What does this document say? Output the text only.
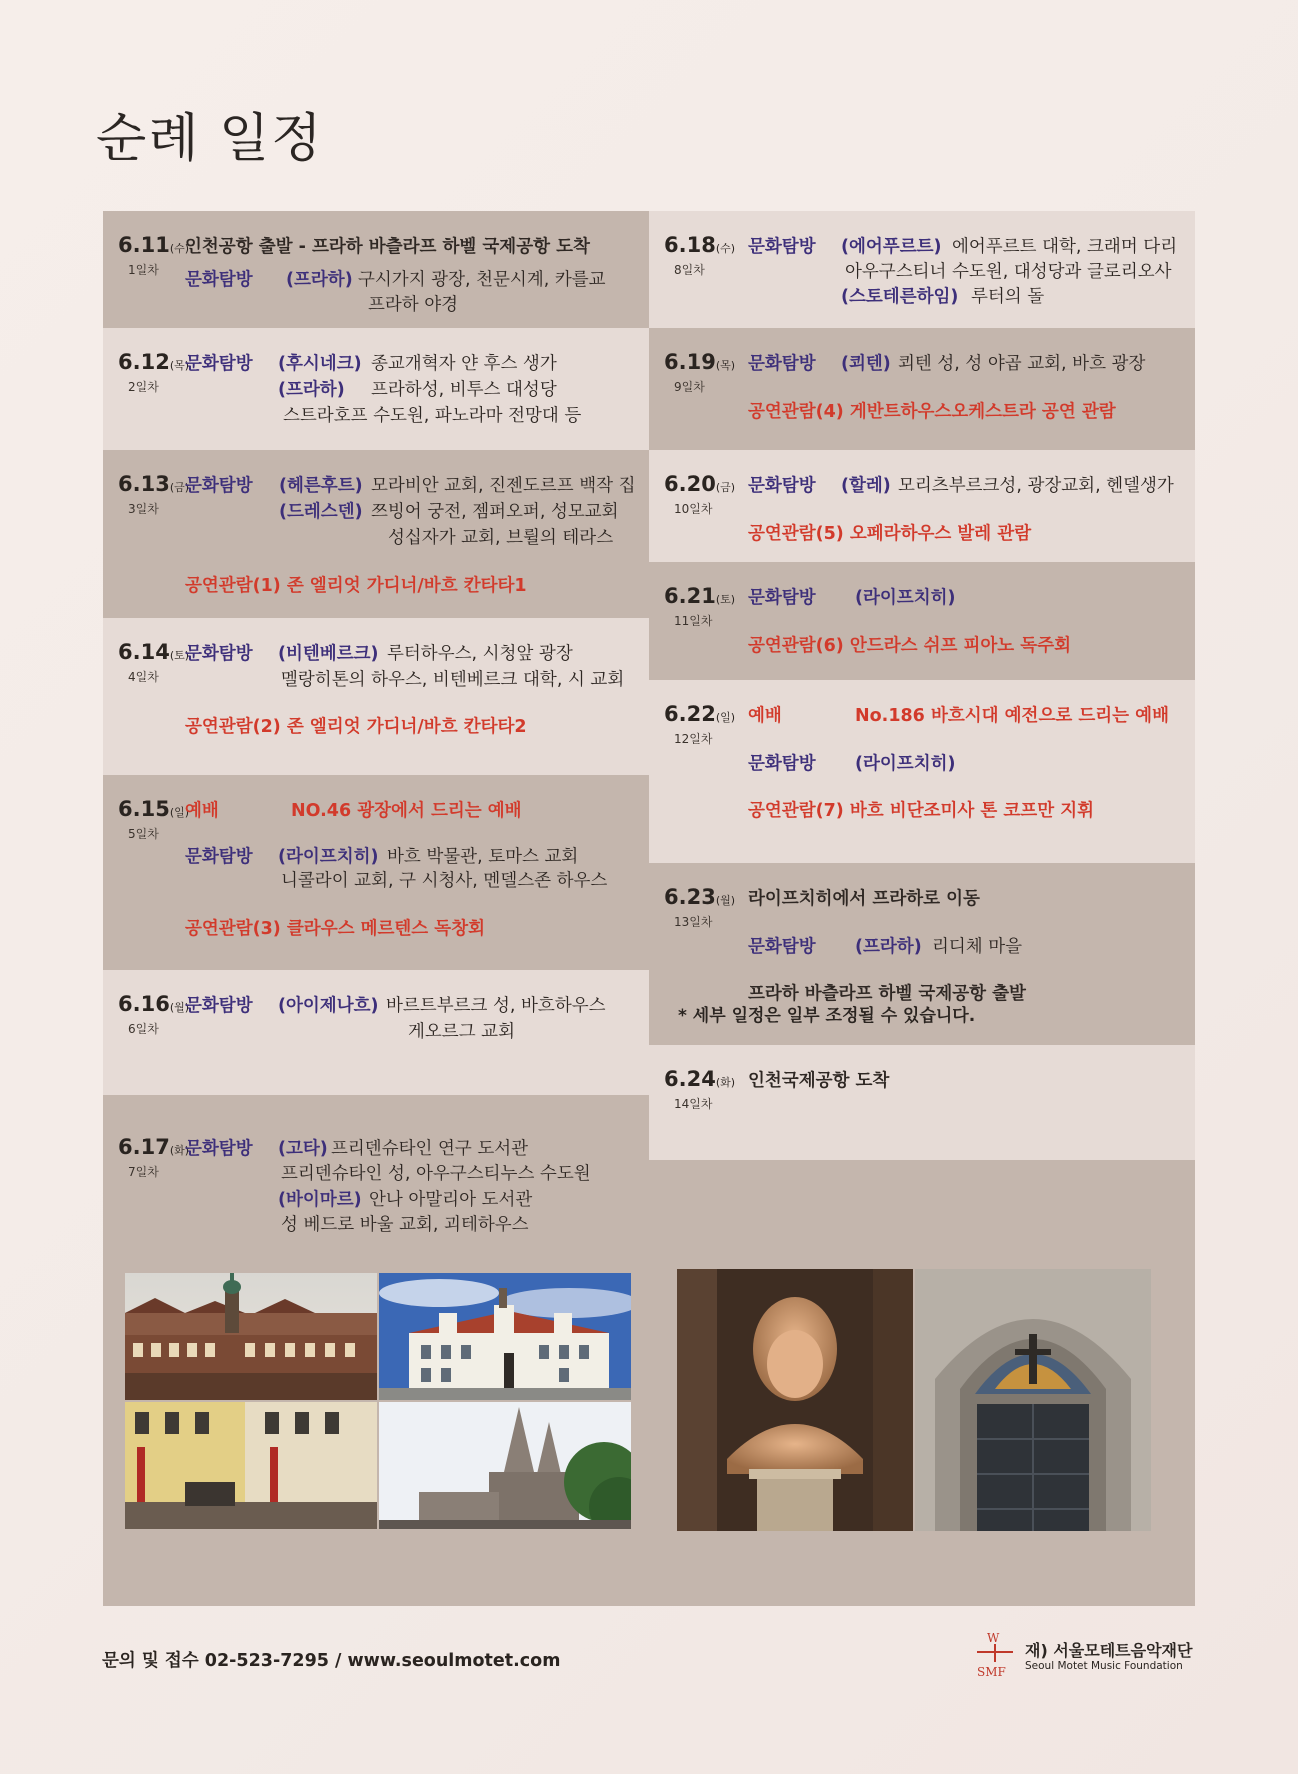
순례 일정
6.11(수)
1일차
인천공항 출발 - 프라하 바츨라프 하벨 국제공항 도착
문화탐방 (프라하) 구시가지 광장, 천문시계, 카를교
프라하 야경
6.12(목)
2일차
문화탐방 (후시네크) 종교개혁자 얀 후스 생가
(프라하) 프라하성, 비투스 대성당
스트라호프 수도원, 파노라마 전망대 등
6.13(금)
3일차
문화탐방 (헤른후트) 모라비안 교회, 진젠도르프 백작 집
(드레스덴) 쯔빙어 궁전, 젬퍼오퍼, 성모교회
성십자가 교회, 브륄의 테라스
공연관람(1) 존 엘리엇 가디너/바흐 칸타타1
6.14(토)
4일차
문화탐방 (비텐베르크) 루터하우스, 시청앞 광장
멜랑히톤의 하우스, 비텐베르크 대학, 시 교회
공연관람(2) 존 엘리엇 가디너/바흐 칸타타2
6.15(일)
5일차
예배	NO.46 광장에서 드리는 예배
문화탐방 (라이프치히) 바흐 박물관, 토마스 교회
니콜라이 교회, 구 시청사, 멘델스존 하우스
공연관람(3) 클라우스 메르텐스 독창회
6.16(월)
6일차
문화탐방 (아이제나흐) 바르트부르크 성, 바흐하우스
게오르그 교회
6.17(화)
7일차
문화탐방 (고타) 프리덴슈타인 연구 도서관
프리덴슈타인 성, 아우구스티누스 수도원
(바이마르) 안나 아말리아 도서관
성 베드로 바울 교회, 괴테하우스
6.18(수)
8일차
문화탐방 (에어푸르트) 에어푸르트 대학, 크래머 다리
아우구스티너 수도원, 대성당과 글로리오사
(스토테른하임) 루터의 돌
6.19(목)
9일차
문화탐방 (쾨텐) 쾨텐 성, 성 야곱 교회, 바흐 광장
공연관람(4) 게반트하우스오케스트라 공연 관람
6.20(금)
10일차
문화탐방 (할레) 모리츠부르크성, 광장교회, 헨델생가
공연관람(5) 오페라하우스 발레 관람
6.21(토)
11일차
문화탐방 (라이프치히)
공연관람(6) 안드라스 쉬프 피아노 독주회
6.22(일)
12일차
예배	No.186 바흐시대 예전으로 드리는 예배
문화탐방 (라이프치히)
공연관람(7) 바흐 비단조미사 톤 코프만 지휘
6.23(월)
13일차
라이프치히에서 프라하로 이동
문화탐방 (프라하) 리디체 마을
프라하 바츨라프 하벨 국제공항 출발
6.24(화)
14일차
인천국제공항 도착
* 세부 일정은 일부 조정될 수 있습니다.
문의 및 접수 02-523-7295 / www.seoulmotet.com
W
SMF
재) 서울모테트음악재단
Seoul Motet Music Foundation
